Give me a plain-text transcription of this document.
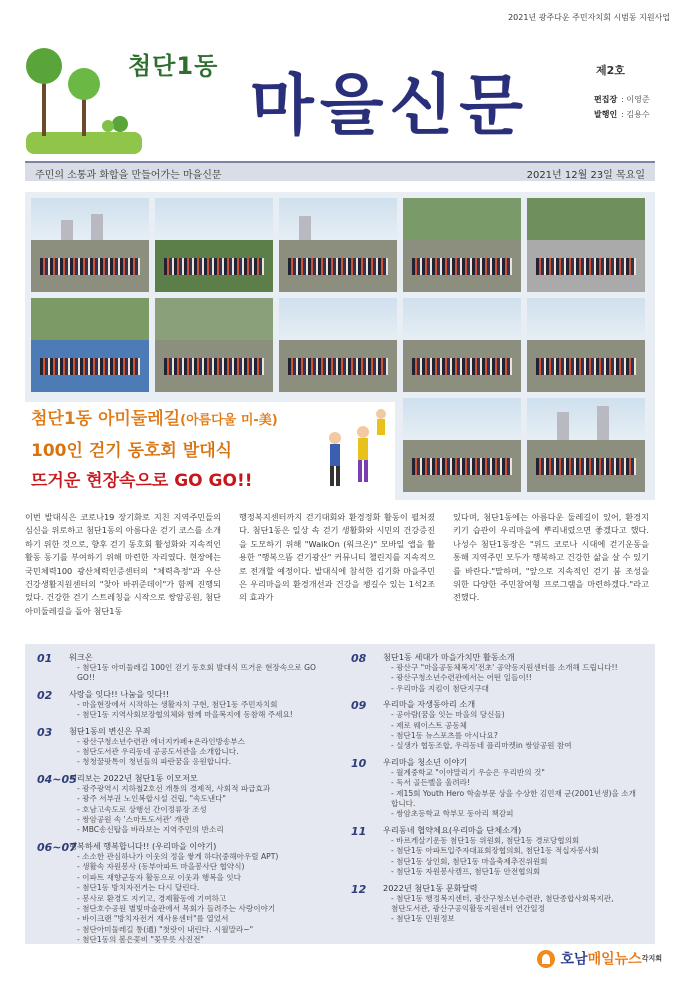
2021년 광주다운 주민자치회 시범동 지원사업
첨단1동
마을신문	제2호
편집장 : 이영준
발행인 : 김용수
주민의 소통과 화합을 만들어가는 마을신문	2021년 12월 23일 목요일
첨단1동 아미둘레길(아름다울 미-美)
100인 걷기 동호회 발대식
뜨거운 현장속으로 GO GO!!

이번 발대식은 코로나19 장기화로 지친 지역주민들의 심신을 위로하고 첨단1동의 아름다운 걷기 코스를 소개하기 위한 것으로, 향후 걷기 동호회 활성화와 지속적인 활동 동기를 부여하기 위해 마련한 자리였다. 현장에는 국민체력100 광산체력인증센터의 "체력측정"과 우산건강생활지원센터의 "찾아 바뀌준데이"가 함께 진행되었다. 건강한 걷기 스트레칭을 시작으로 쌍암공원, 첨단 아미둘레길을 돌아 첨단1동

행정복지센터까지 걷기대회와 환경정화 활동이 펼쳐졌다. 첨단1동은 일상 속 걷기 생활화와 시민의 건강증진을 도모하기 위해 "WalkOn (워크온)" 모바일 앱을 활용한 "행복으뜸 걷기광산" 커뮤니티 챌린지를 지속적으로 전개할 예정이다. 발대식에 참석한 김기화 마을주민은 우리마을의 환경개선과 건강을 챙길수 있는 1석2조의 효과가

있다며, 첨단1동에는 아름다운 둘레길이 있어, 환경지키기 습관이 우리마을에 뿌리내렸으면 좋겠다고 했다. 나성수 첨단1동장은 "위드 코로나 시대에 걷기운동을 통해 지역주민 모두가 행복하고 건강한 삶을 살 수 있기를 바란다."말하며, "앞으로 지속적인 걷기 붐 조성을 위한 다양한 주민참여형 프로그램을 마련하겠다."라고 전했다.

01 워크온
- 첨단1동 아미둘레길 100인 걷기 동호회 발대식 뜨거운 현장속으로 GO GO!!
02 사랑을 잇다!! 나눔을 잇다!!
- 마을현장에서 시작하는 생활자치 구현, 첨단1동 주민자치회
- 첨단1동 지역사회보장협의체와 함께 마을복지에 동참해 주세요!
03 첨단1동의 변신은 무죄
- 광산구청소년수련관 에너지카페+온라인방송부스
- 첨단도서관 우리동네 공공도서관을 소개합니다.
- 청청꿀팟톡이 청년들의 파란꿈을 응원합니다.
04~05
미리보는 2022년 첨단1동 이모저모
- 광주광역시 지하철2호선 개통의 경제적, 사회적 파급효과
- 광주 서부권 노인복합시설 건립, "속도낸다"
- 호남고속도로 상행선 간이정류장 조성
- 쌍암공원 속 '스마트도서관' 개관
- MBC송신탑을 바라보는 지역주민의 반소리
06~07
행복하세 행복합니다!! (우리마을 이야기)
- 소소한 관심하나가 이웃의 정을 쌓게 하다(중해아우릴 APT)
- 생활속 자원봉사 (동부아파트 마을봉사단 협약식)
- 이파트 재향군동자 활동으로 이웃과 행복을 잇다
- 첨단1동 방치자전거는 다시 달린다.
- 봉사로 환경도 지키고, 경제활동에 기여하고
- 첨단호수공원 별빛마술관에서 목회가 들려주는 사랑이야기
- 바이크랜 "방치자전거 재사용센터"를 열었서
- 첨단아미둘레길 통(通) "첫랏이 내린다. 시월말라~"
- 첨단1동의 봄은꽃비 "꽃무릇 사진전"
08 첨단1동 세대가 마을가치만 활동소개
- 광산구 "마을공동체복지'전초' 공약동지원센터를 소개해 드립니다!!
- 광산구청소년수련관에서는 어떤 일들이!!
- 우리마을 지킴이 첨단지구대
09 우리마을 자생동아리 소개
- 공아람(꿈을 잇는 마을의 당신들)
- 제로 웨이스트 공동체
- 첨단1동 뉴스포츠를 아시나요?
- 실생가 협동조합, 우리동네 플리마켓in 쌍암공원 참여
10 우리마을 청소년 이야기
- 월계중학교 "이야말리기 우승은 우리반의 것"
- 독서 골든벨을 울려라!
- 제15회 Youth Hero 학술부문 상을 수상한 김민재 군(2001년생)을 소개합니다.
- 쌍암초등학교 학부모 동아리 책감피
11 우리동네 협약체요(우리마을 단체소개)
- 바르게살기운동 첨단1동 위원회, 첨단1동 경로당협의회
- 첨단1동 아파트입주자대표회장협의회, 첨단1동 적십자봉사회
- 첨단1동 상인회, 첨단1동 마을축제추진위원회
- 첨단1동 자원봉사캠프, 첨단1동 안전협의회
12 2022년 첨단1동 문화달력
- 첨단1동 행정복지센터, 광산구청소년수련관, 첨단종합사회복지관,
첨단도서관, 광산구공익활동지원센터 연간일정
- 첨단1동 민원정보
호남매일뉴스각지회
